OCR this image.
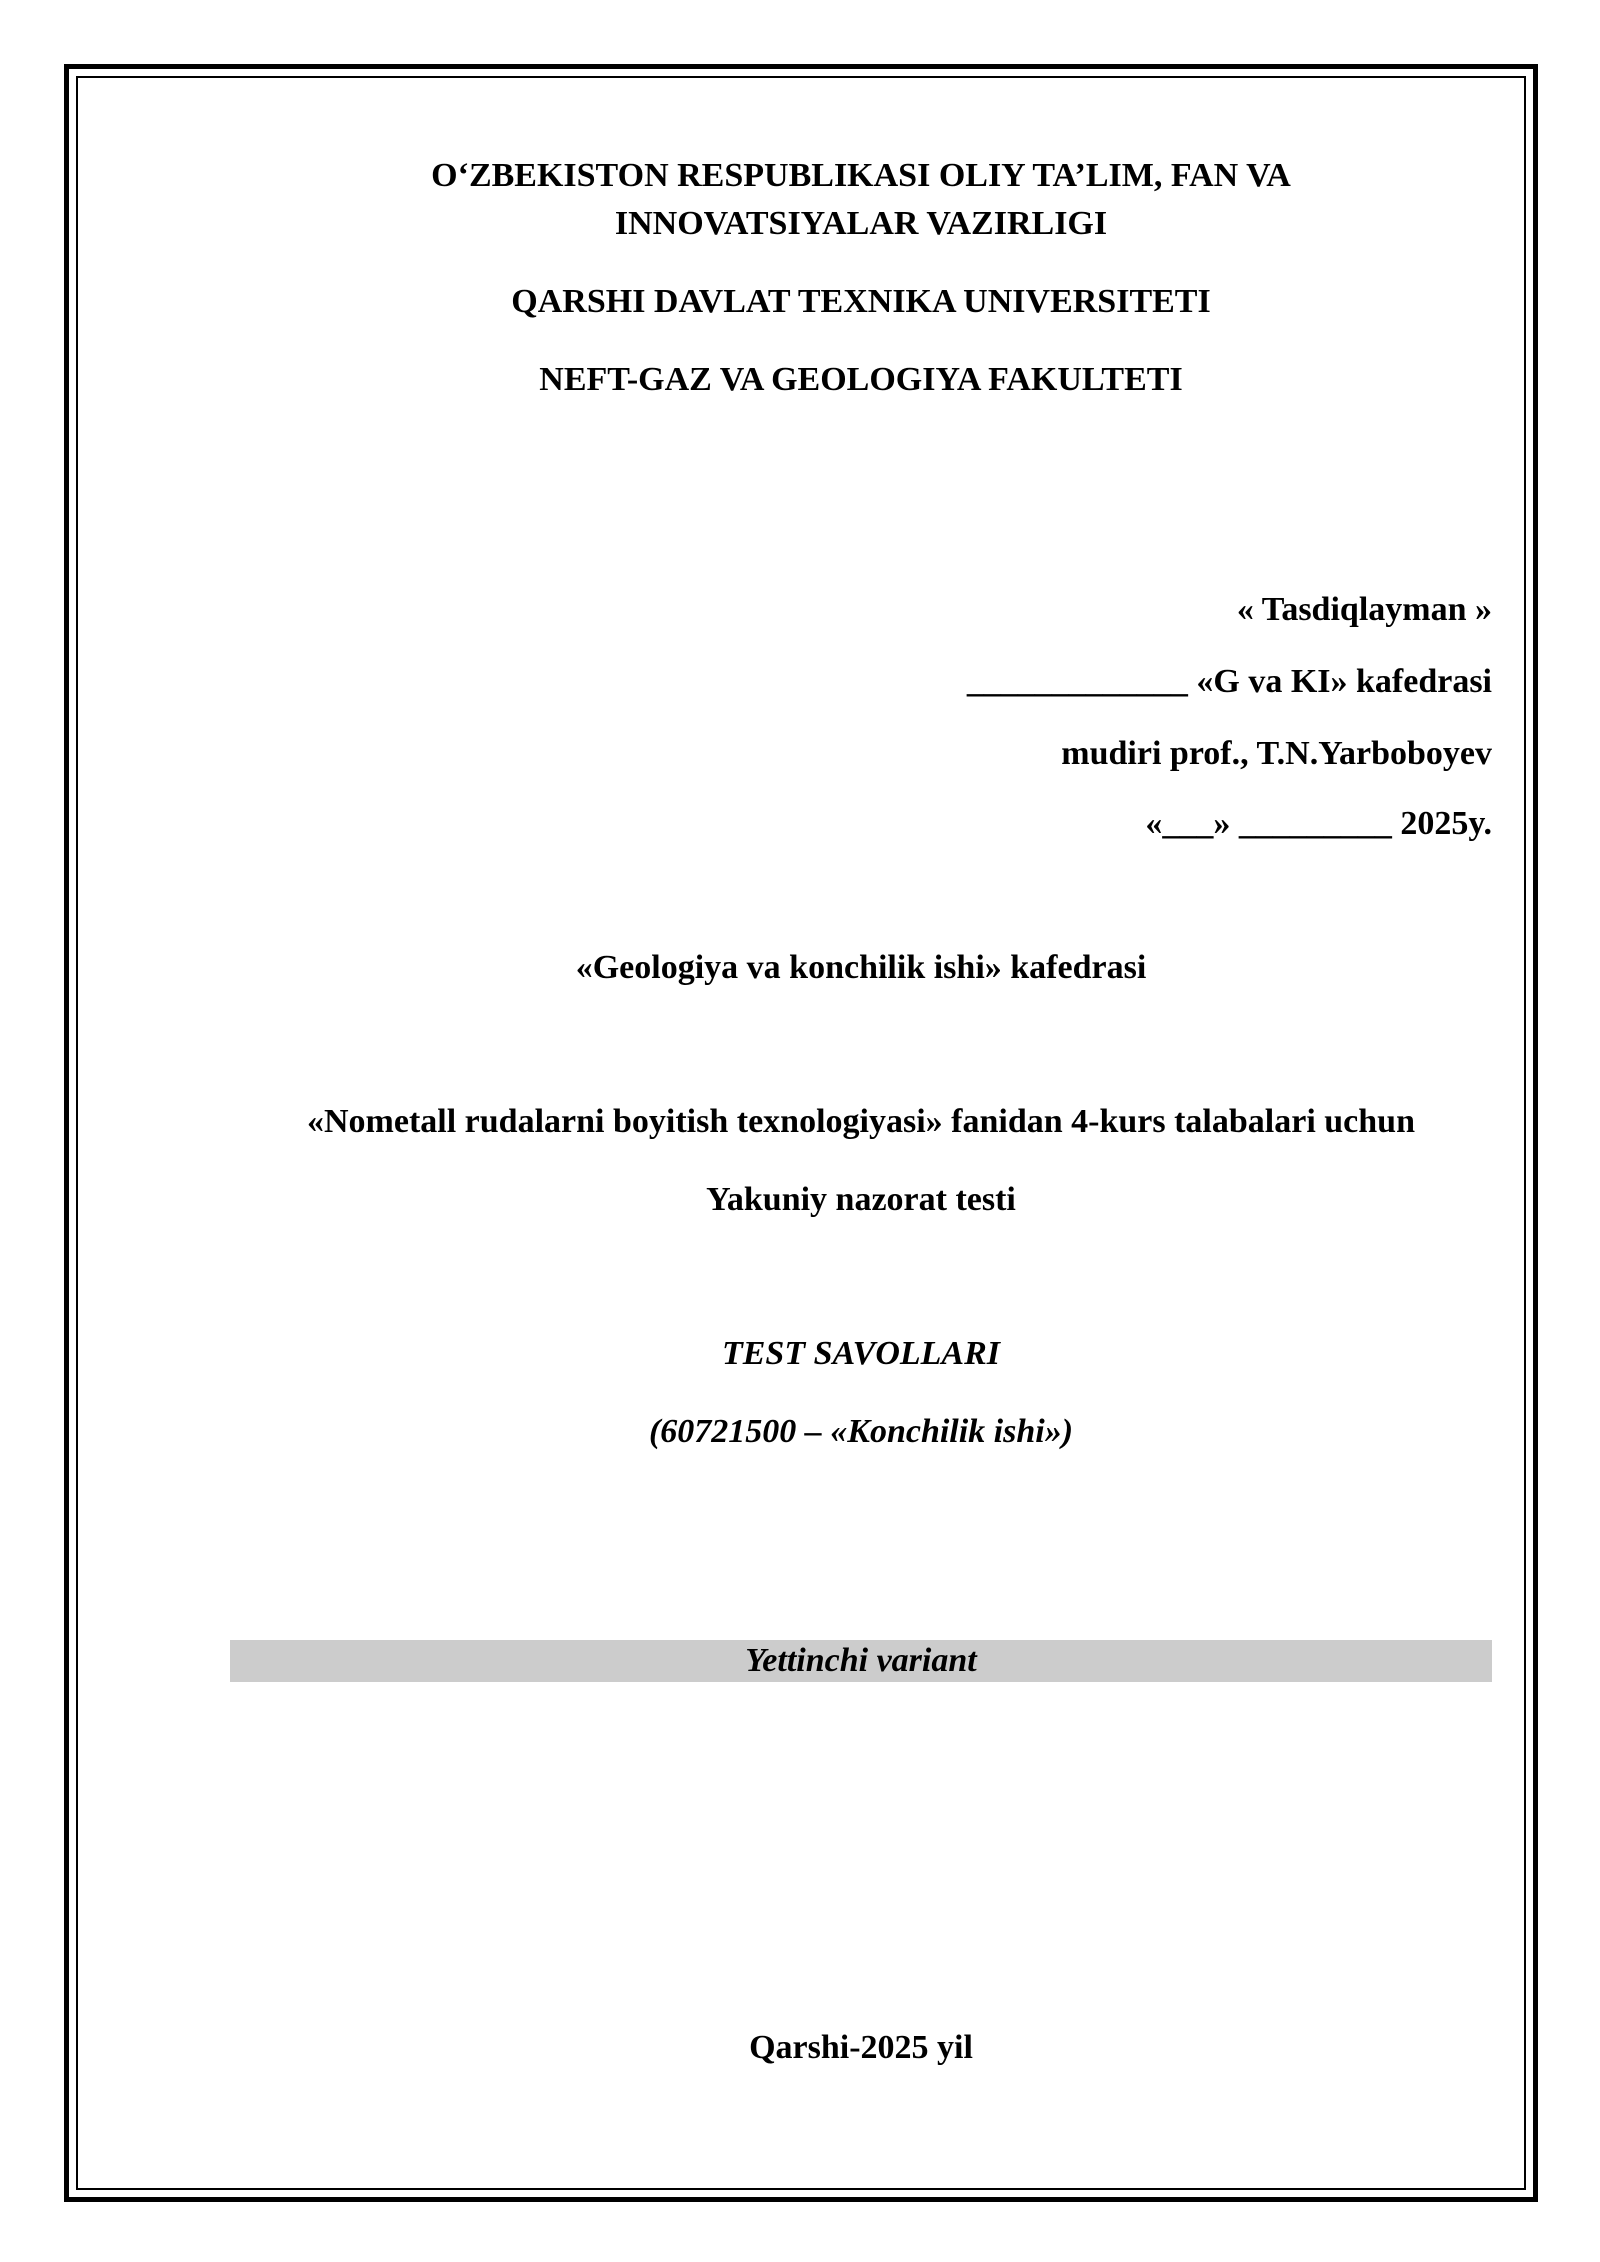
O‘ZBEKISTON RESPUBLIKASI OLIY TA’LIM, FAN VA
INNOVATSIYALAR VAZIRLIGI
QARSHI DAVLAT TEXNIKA UNIVERSITETI
NEFT-GAZ VA GEOLOGIYA FAKULTETI
« Tasdiqlayman »
_____________ «G va KI» kafedrasi
mudiri prof., T.N.Yarboboyev
«___» _________ 2025y.
«Geologiya va konchilik ishi» kafedrasi
«Nometall rudalarni boyitish texnologiyasi» fanidan 4-kurs talabalari uchun
Yakuniy nazorat testi
TEST SAVOLLARI
(60721500 – «Konchilik ishi»)
Yettinchi variant
Qarshi-2025 yil
